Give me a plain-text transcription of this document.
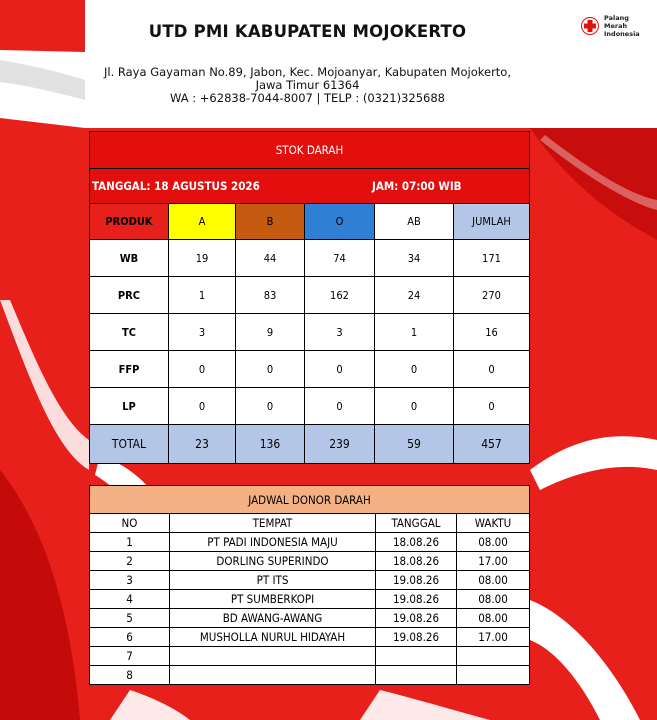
UTD PMI KABUPATEN MOJOKERTO
Jl. Raya Gayaman No.89, Jabon, Kec. Mojoanyar, Kabupaten Mojokerto, Jawa Timur 61364
WA : +62838-7044-8007 | TELP : (0321)325688
Palang
Merah
Indonesia
STOK DARAH					

TANGGAL: 18 AGUSTUS 2026 JAM: 07:00 WIB					

PRODUK	A	B	O	AB	JUMLAH
WB	19	44	74	34	171
PRC	1	83	162	24	270
TC	3	9	3	1	16
FFP	0	0	0	0	0
LP	0	0	0	0	0
TOTAL	23	136	239	59	457
JADWAL DONOR DARAH			
NO	TEMPAT	TANGGAL	WAKTU
1	PT PADI INDONESIA MAJU	18.08.26	08.00
2	DORLING SUPERINDO	18.08.26	17.00
3	PT ITS	19.08.26	08.00
4	PT SUMBERKOPI	19.08.26	08.00
5	BD AWANG-AWANG	19.08.26	08.00
6	MUSHOLLA NURUL HIDAYAH	19.08.26	17.00
7			
8			
